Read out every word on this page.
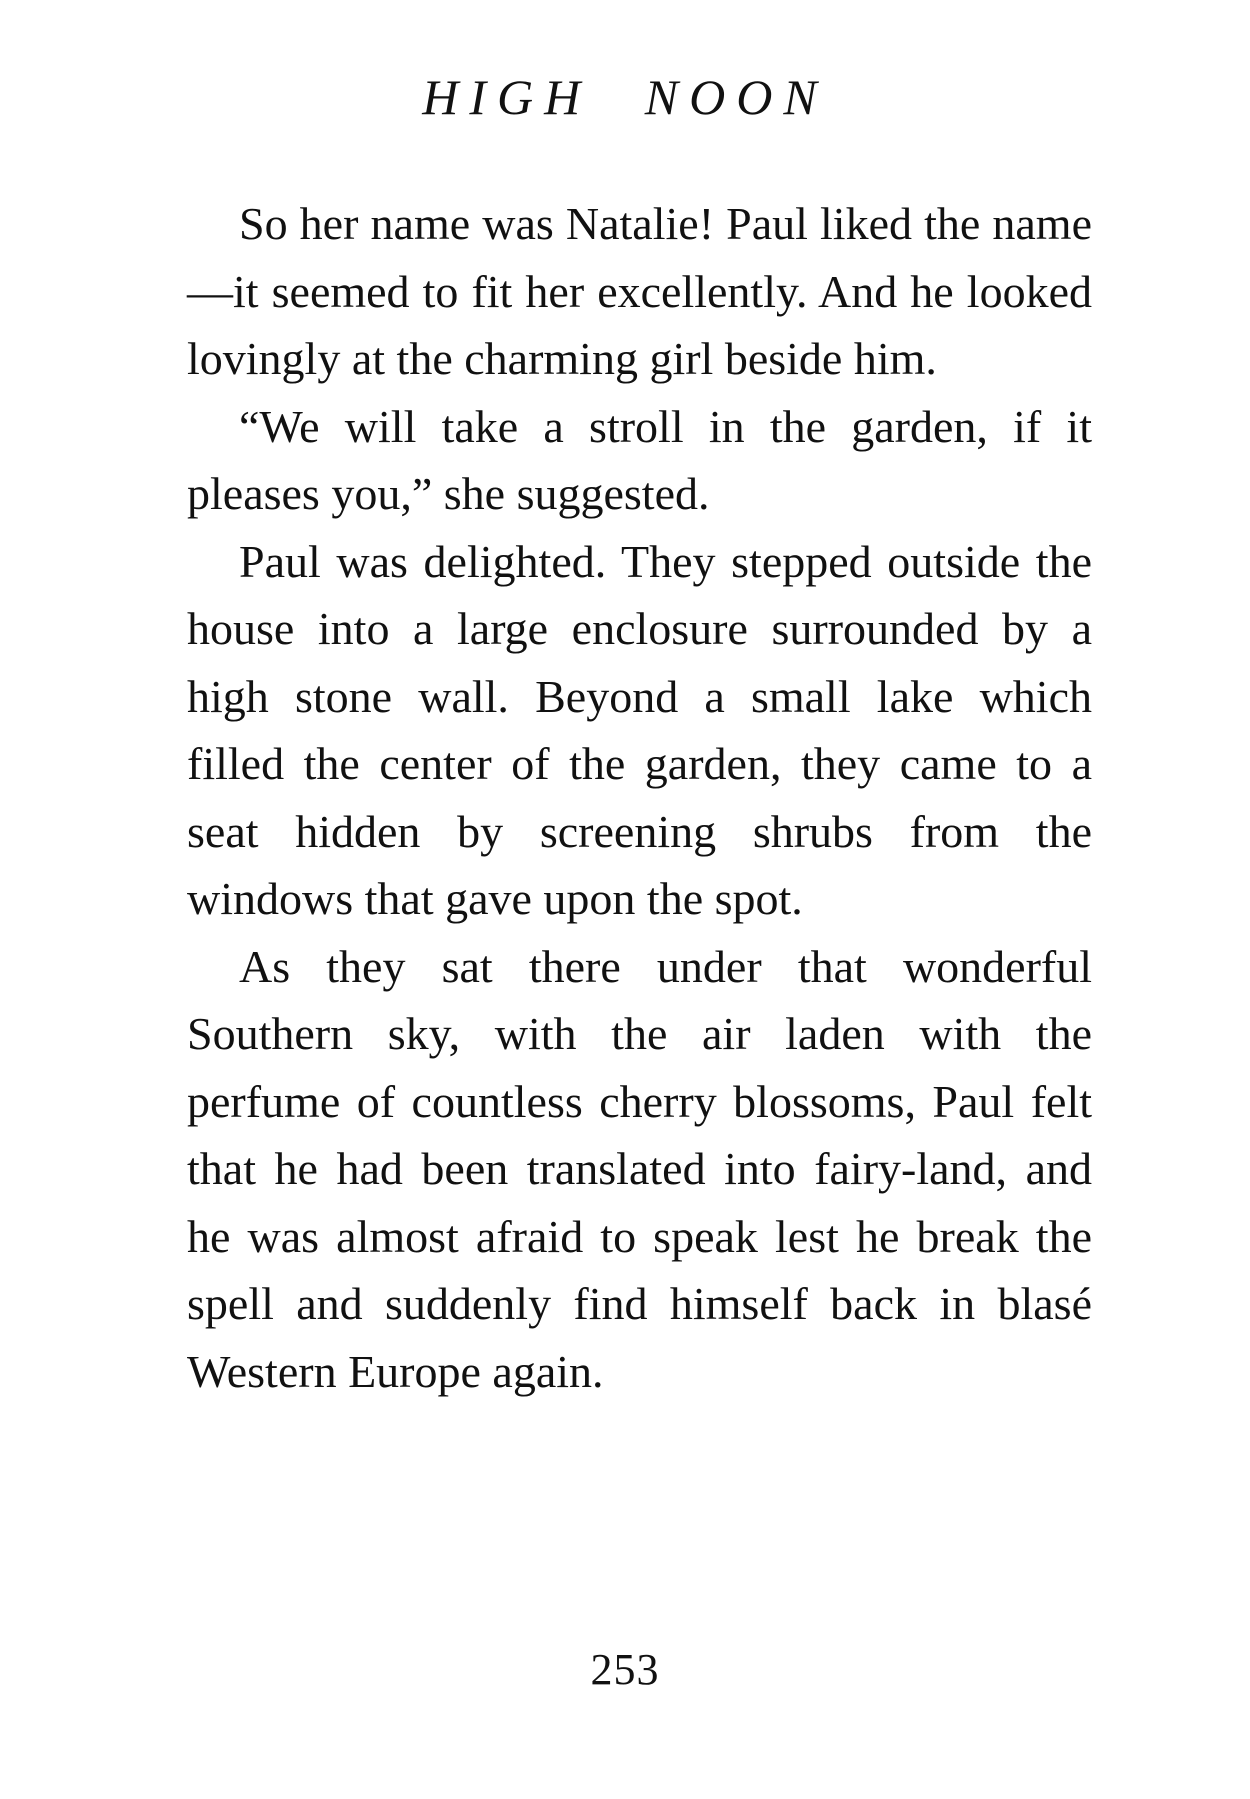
HIGH NOON

So her name was Natalie! Paul liked the name—it seemed to fit her excellently. And he looked lovingly at the charming girl beside him.

“We will take a stroll in the garden, if it pleases you,” she suggested.

Paul was delighted. They stepped outside the house into a large enclosure surrounded by a high stone wall. Beyond a small lake which filled the center of the garden, they came to a seat hidden by screening shrubs from the windows that gave upon the spot.

As they sat there under that wonderful Southern sky, with the air laden with the perfume of countless cherry blossoms, Paul felt that he had been translated into fairy-land, and he was almost afraid to speak lest he break the spell and suddenly find himself back in blasé Western Europe again.

253
